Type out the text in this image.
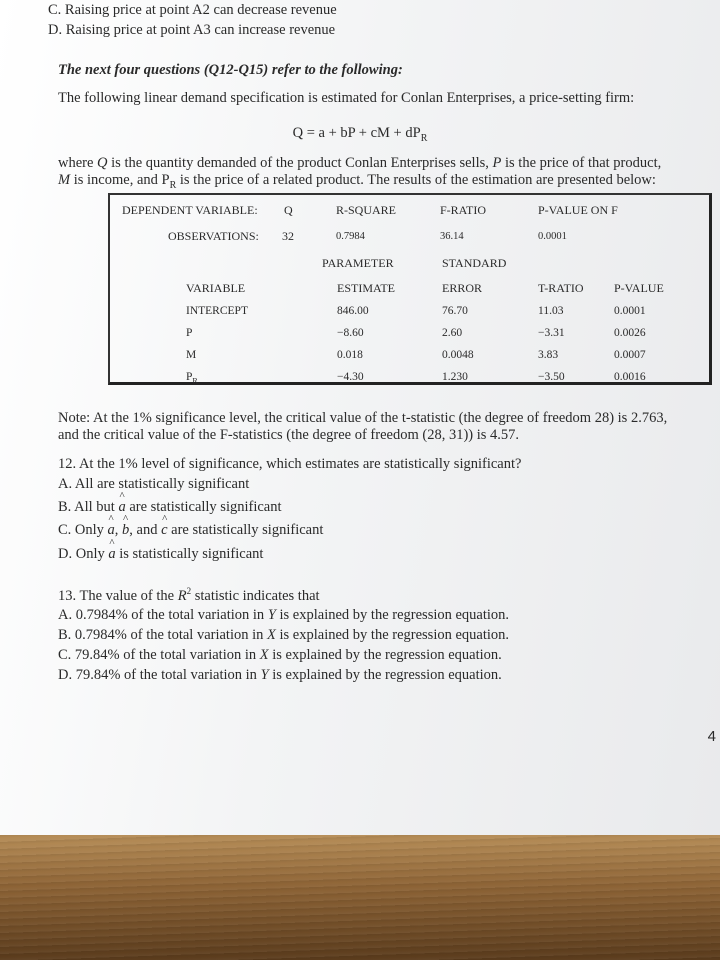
C. Raising price at point A2 can decrease revenue
D. Raising price at point A3 can increase revenue
The next four questions (Q12-Q15) refer to the following:
The following linear demand specification is estimated for Conlan Enterprises, a price-setting firm:
Q = a + bP + cM + $dP_R$
where Q is the quantity demanded of the product Conlan Enterprises sells, P is the price of that product,
M is income, and $P_R$ is the price of a related product. The results of the estimation are presented below:
DEPENDENT VARIABLE: Q	R-SQUARE	F-RATIO	P-VALUE ON F
OBSERVATIONS: 32	0.7984	36.14	0.0001
PARAMETER	STANDARD
VARIABLE	ESTIMATE	ERROR	T-RATIO	P-VALUE
INTERCEPT	846.00	76.70	11.03	0.0001
P	−8.60	2.60	−3.31	0.0026
M	0.018	0.0048	3.83	0.0007
$P_R$	−4.30	1.230	−3.50	0.0016
Note: At the 1% significance level, the critical value of the t-statistic (the degree of freedom 28) is 2.763,
and the critical value of the F-statistics (the degree of freedom (28, 31)) is 4.57.
12. At the 1% level of significance, which estimates are statistically significant?
A. All are statistically significant
B. All but
^
a are statistically significant
C. Only
^
a,
^
b, and
^
c are statistically significant
D. Only
^
a is statistically significant
13. The value of the $R^2$ statistic indicates that
A. 0.7984% of the total variation in Y is explained by the regression equation.
B. 0.7984% of the total variation in X is explained by the regression equation.
C. 79.84% of the total variation in X is explained by the regression equation.
D. 79.84% of the total variation in Y is explained by the regression equation.
4
